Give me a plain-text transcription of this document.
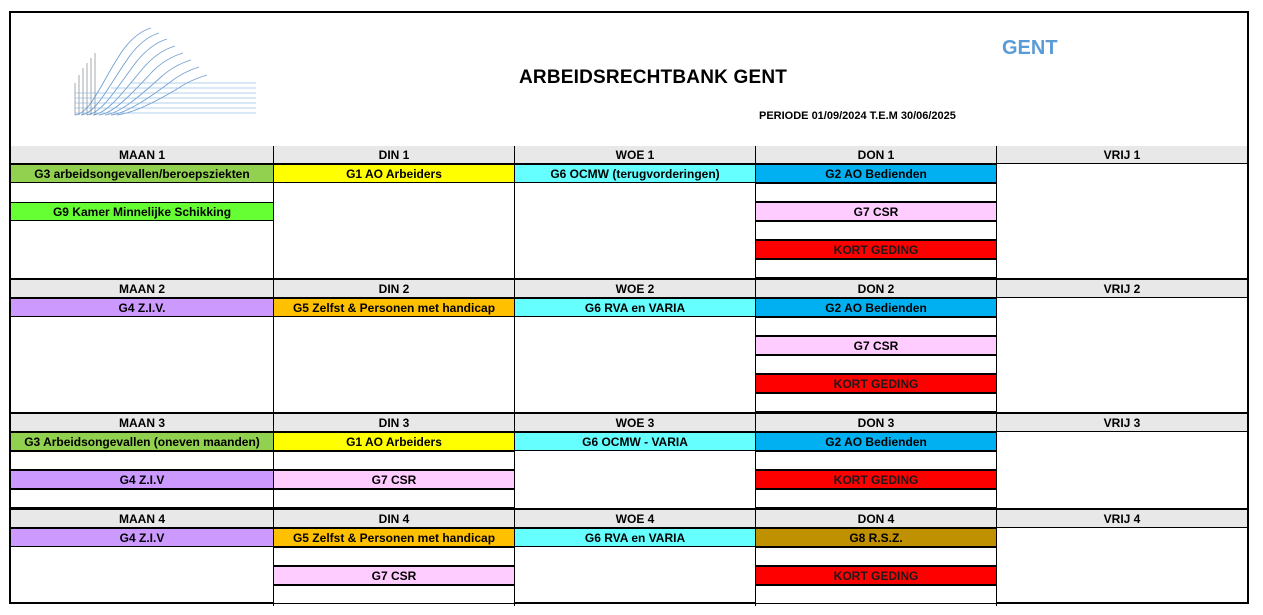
ARBEIDSRECHTBANK GENT
GENT
PERIODE 01/09/2024 T.E.M 30/06/2025
MAAN 1
G3 arbeidsongevallen/beroepsziekten
G9 Kamer Minnelijke Schikking
DIN 1
G1 AO Arbeiders
WOE 1
G6 OCMW (terugvorderingen)
DON 1
G2 AO Bedienden
G7 CSR
KORT GEDING
VRIJ 1
MAAN 2
G4 Z.I.V.
DIN 2
G5 Zelfst & Personen met handicap
WOE 2
G6 RVA en VARIA
DON 2
G2 AO Bedienden
G7 CSR
KORT GEDING
VRIJ 2
MAAN 3
G3 Arbeidsongevallen (oneven maanden)
G4 Z.I.V
DIN 3
G1 AO Arbeiders
G7 CSR
WOE 3
G6 OCMW - VARIA
DON 3
G2 AO Bedienden
KORT GEDING
VRIJ 3
MAAN 4
G4 Z.I.V
DIN 4
G5 Zelfst & Personen met handicap
G7 CSR
WOE 4
G6 RVA en VARIA
DON 4
G8 R.S.Z.
KORT GEDING
VRIJ 4
